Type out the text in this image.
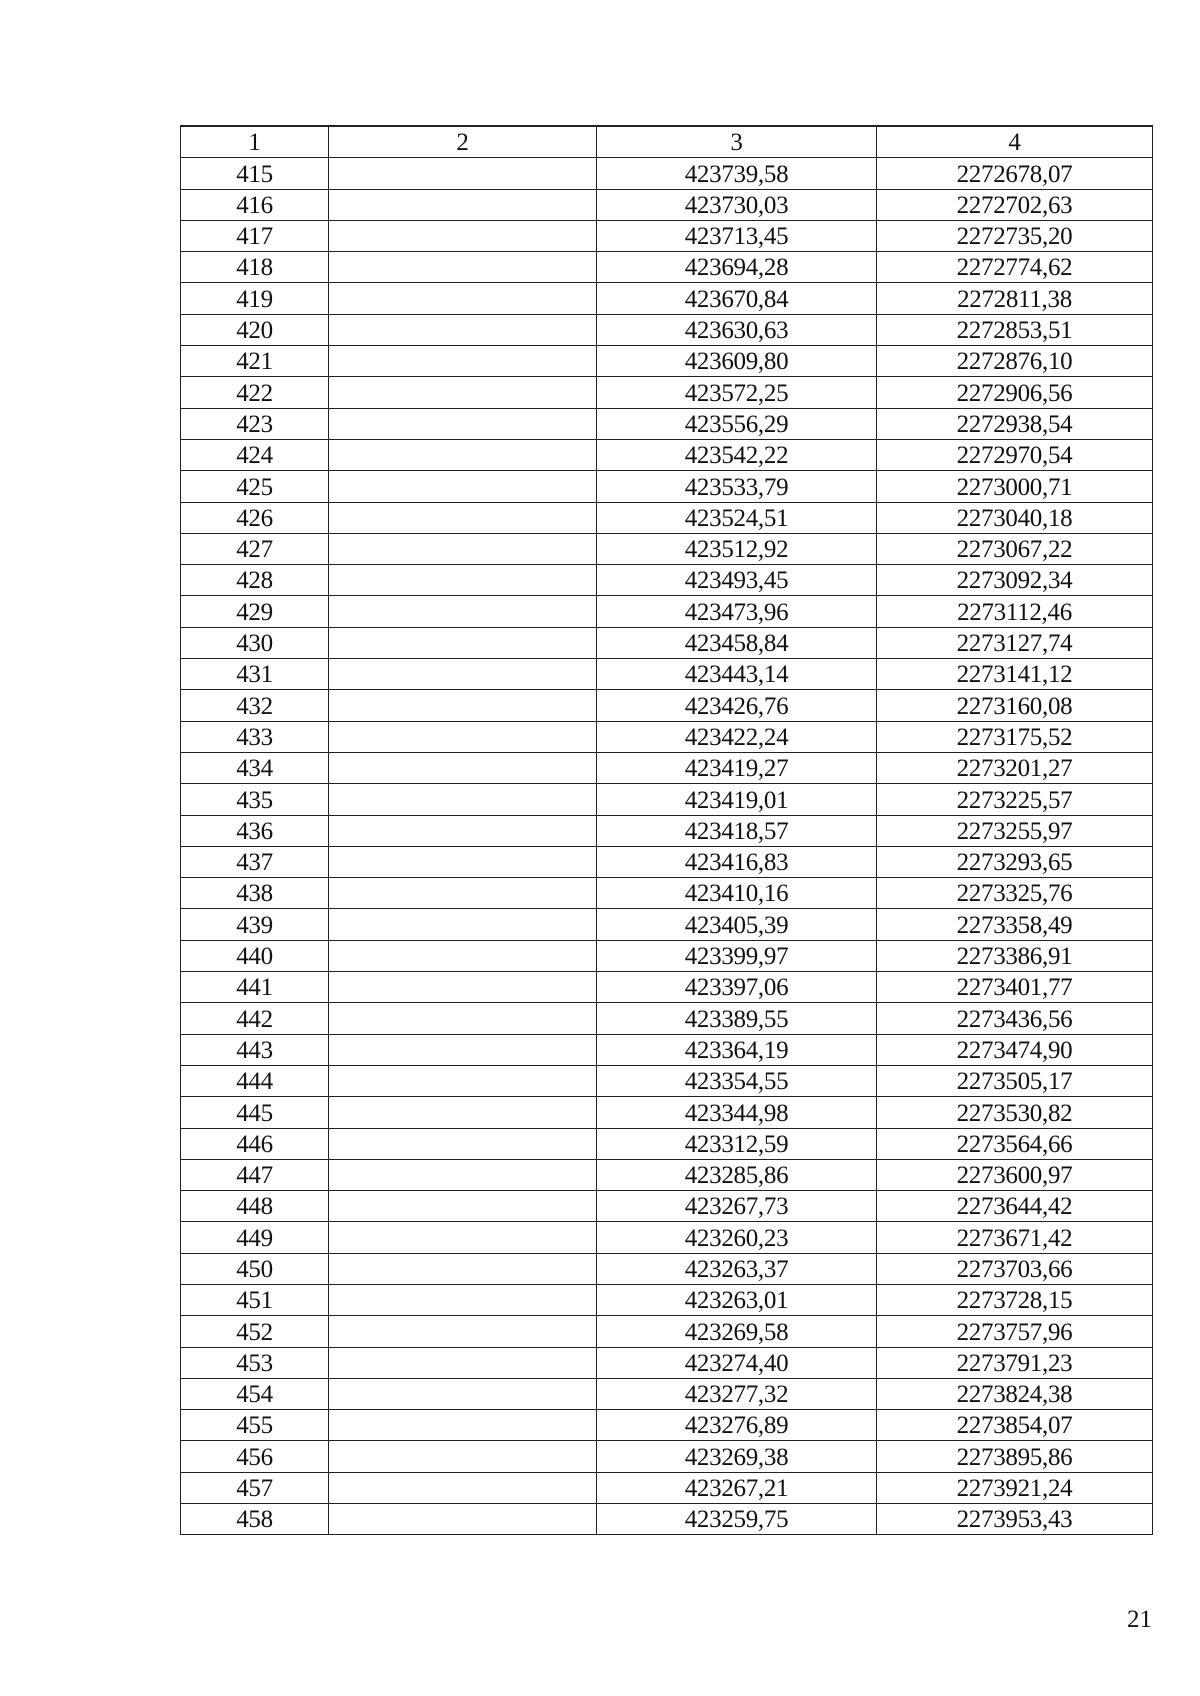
1	2	3	4
415		423739,58	2272678,07
416		423730,03	2272702,63
417		423713,45	2272735,20
418		423694,28	2272774,62
419		423670,84	2272811,38
420		423630,63	2272853,51
421		423609,80	2272876,10
422		423572,25	2272906,56
423		423556,29	2272938,54
424		423542,22	2272970,54
425		423533,79	2273000,71
426		423524,51	2273040,18
427		423512,92	2273067,22
428		423493,45	2273092,34
429		423473,96	2273112,46
430		423458,84	2273127,74
431		423443,14	2273141,12
432		423426,76	2273160,08
433		423422,24	2273175,52
434		423419,27	2273201,27
435		423419,01	2273225,57
436		423418,57	2273255,97
437		423416,83	2273293,65
438		423410,16	2273325,76
439		423405,39	2273358,49
440		423399,97	2273386,91
441		423397,06	2273401,77
442		423389,55	2273436,56
443		423364,19	2273474,90
444		423354,55	2273505,17
445		423344,98	2273530,82
446		423312,59	2273564,66
447		423285,86	2273600,97
448		423267,73	2273644,42
449		423260,23	2273671,42
450		423263,37	2273703,66
451		423263,01	2273728,15
452		423269,58	2273757,96
453		423274,40	2273791,23
454		423277,32	2273824,38
455		423276,89	2273854,07
456		423269,38	2273895,86
457		423267,21	2273921,24
458		423259,75	2273953,43
21
